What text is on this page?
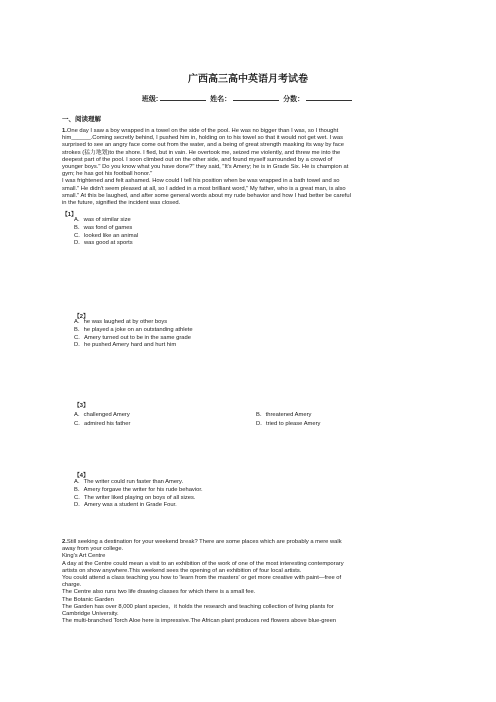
广西高三高中英语月考试卷
班级:	姓名：	分数：
一、阅读理解
1.One day I saw a boy wrapped in a towel on the side of the pool. He was no bigger than I was, so I thought
him______.Coming secretly behind, I pushed him in, holding on to his towel so that it would not get wet. I was
surprised to see an angry face come out from the water, and a being of great strength masking its way by face
strokes (猛力地划)to the shore. I fled, but in vain. He overtook me, seized me violently, and threw me into the
deepest part of the pool. I soon climbed out on the other side, and found myself surrounded by a crowd of
younger boys." Do you know what you have done?" they said, "It's Amery; he is in Grade Six. He is champion at
gym; he has got his football honor."
I was frightened and felt ashamed. How could I tell his position when be was wrapped in a bath towel and so
small." He didn't seem pleased at all, so I added in a most brilliant word," My father, who is a great man, is also
small." At this be laughed, and after some general words about my rude behavior and how I had better be careful
in the future, signified the incident was closed.
【1】
A．was of similar size
B．was fond of games
C．looked like an animal
D．was good at sports
【2】
A．he was laughed at by other boys
B．he played a joke on an outstanding athlete
C．Amery turned out to be in the same grade
D．he pushed Amery hard and hurt him
【3】
A．challenged Amery	B．threatened Amery
C．admired his father	D．tried to please Amery
【4】
A．The writer could run faster than Amery.
B．Amery forgave the writer for his rude behavior.
C．The writer liked playing on boys of all sizes.
D．Amery was a student in Grade Four.
2.Still seeking a destination for your weekend break? There are some places which are probably a mere walk
away from your college.
King's Art Centre
A day at the Centre could mean a visit to an exhibition of the work of one of the most interesting contemporary
artists on show anywhere.This weekend sees the opening of an exhibition of four local artists.
You could attend a class teaching you how to 'learn from the masters' or get more creative with paint—free of
charge.
The Centre also runs two life drawing classes for which there is a small fee.
The Botanic Garden
The Garden has over 8,000 plant species，it holds the research and teaching collection of living plants for
Cambridge University.
The multi-branched Torch Aloe here is impressive.The African plant produces red flowers above blue-green
